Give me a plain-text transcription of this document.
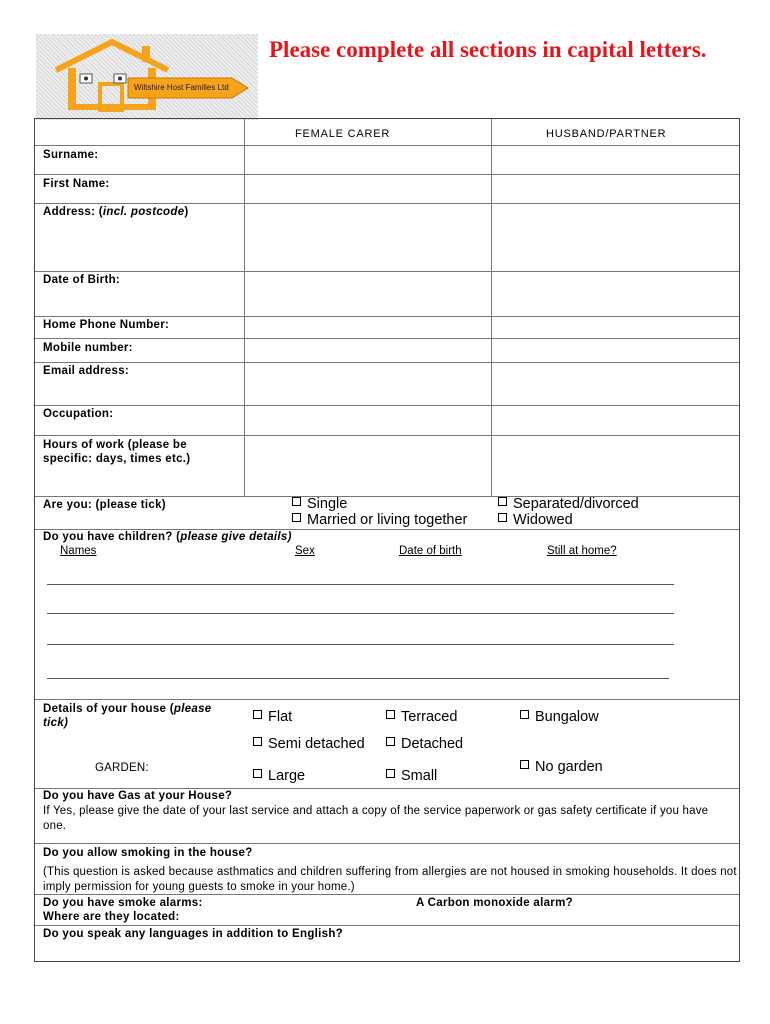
Wiltshire Host Families Ltd
Please complete all sections in capital letters.
FEMALE CARER	HUSBAND/PARTNER
Surname:
First Name:
Address: (incl. postcode)
Date of Birth:
Home Phone Number:
Mobile number:
Email address:
Occupation:
Hours of work (please be specific: days, times etc.)
Are you: (please tick)	Single
Married or living together
Separated/divorced
Widowed
Do you have children? (please give details)
Names	Sex	Date of birth	Still at home?
Details of your house (please tick)	Flat	Terraced	Bungalow
Semi detached	Detached
GARDEN:	Large	Small
No garden
Do you have Gas at your House?
If Yes, please give the date of your last service and attach a copy of the service paperwork or gas safety certificate if you have one.
Do you allow smoking in the house?
(This question is asked because asthmatics and children suffering from allergies are not housed in smoking households. It does not imply permission for young guests to smoke in your home.)
Do you have smoke alarms:	A Carbon monoxide alarm?
Where are they located:
Do you speak any languages in addition to English?
